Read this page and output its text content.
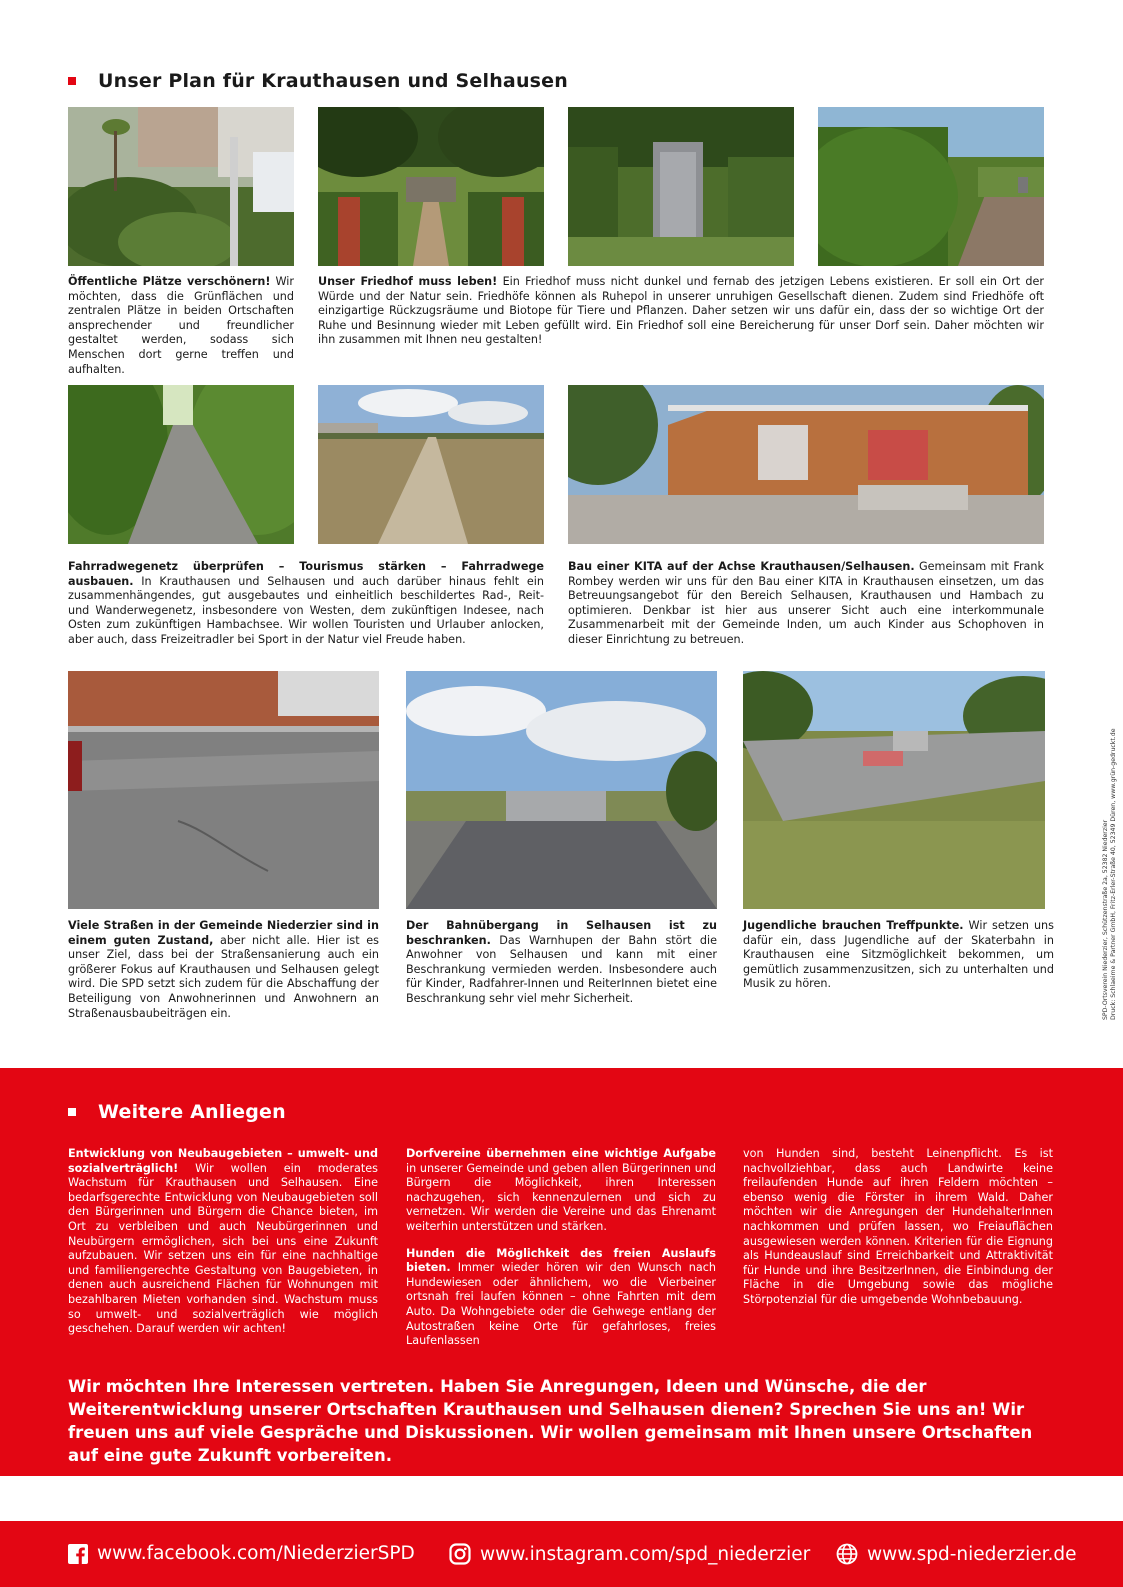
Unser Plan für Krauthausen und Selhausen
Öffentliche Plätze verschönern! Wir möchten, dass die Grünflächen und zentralen Plätze in beiden Ortschaften ansprechender und freundlicher gestaltet werden, sodass sich Menschen dort gerne treffen und aufhalten.
Unser Friedhof muss leben! Ein Friedhof muss nicht dunkel und fernab des jetzigen Lebens existieren. Er soll ein Ort der Würde und der Natur sein. Friedhöfe können als Ruhepol in unserer unruhigen Gesellschaft dienen. Zudem sind Friedhöfe oft einzigartige Rückzugsräume und Biotope für Tiere und Pflanzen. Daher setzen wir uns dafür ein, dass der so wichtige Ort der Ruhe und Besinnung wieder mit Leben gefüllt wird. Ein Friedhof soll eine Bereicherung für unser Dorf sein. Daher möchten wir ihn zusammen mit Ihnen neu gestalten!
Fahrradwegenetz überprüfen – Tourismus stärken – Fahrradwege ausbauen. In Krauthausen und Selhausen und auch darüber hinaus fehlt ein zusammenhängendes, gut ausgebautes und einheitlich beschildertes Rad-, Reit- und Wanderwegenetz, insbesondere von Westen, dem zukünftigen Indesee, nach Osten zum zukünftigen Hambachsee. Wir wollen Touristen und Urlauber anlocken, aber auch, dass Freizeitradler bei Sport in der Natur viel Freude haben.
Bau einer KITA auf der Achse Krauthausen/Selhausen. Gemeinsam mit Frank Rombey werden wir uns für den Bau einer KITA in Krauthausen einsetzen, um das Betreuungsangebot für den Bereich Selhausen, Krauthausen und Hambach zu optimieren. Denkbar ist hier aus unserer Sicht auch eine interkommunale Zusammenarbeit mit der Gemeinde Inden, um auch Kinder aus Schophoven in dieser Einrichtung zu betreuen.
Viele Straßen in der Gemeinde Niederzier sind in einem guten Zustand, aber nicht alle. Hier ist es unser Ziel, dass bei der Straßensanierung auch ein größerer Fokus auf Krauthausen und Selhausen gelegt wird. Die SPD setzt sich zudem für die Abschaffung der Beteiligung von Anwohnerinnen und Anwohnern an Straßenausbaubeiträgen ein.
Der Bahnübergang in Selhausen ist zu beschranken. Das Warnhupen der Bahn stört die Anwohner von Selhausen und kann mit einer Beschrankung vermieden werden. Insbesondere auch für Kinder, Radfahrer-Innen und ReiterInnen bietet eine Beschrankung sehr viel mehr Sicherheit.
Jugendliche brauchen Treffpunkte. Wir setzen uns dafür ein, dass Jugendliche auf der Skaterbahn in Krauthausen eine Sitzmöglichkeit bekommen, um gemütlich zusammenzusitzen, sich zu unterhalten und Musik zu hören.	SPD-Ortsverein Niederzier, Schützenstraße 2a, 52382 Niederzier Druck: Schlaeime & Partner GmbH, Fritz-Erler-Straße 40, 52349 Düren, www.grün-gedruckt.de
Weitere Anliegen

Entwicklung von Neubaugebieten – umwelt- und sozialverträglich! Wir wollen ein moderates Wachstum für Krauthausen und Selhausen. Eine bedarfsgerechte Entwicklung von Neubaugebieten soll den Bürgerinnen und Bürgern die Chance bieten, im Ort zu verbleiben und auch Neubürgerinnen und Neubürgern ermöglichen, sich bei uns eine Zukunft aufzubauen. Wir setzen uns ein für eine nachhaltige und familiengerechte Gestaltung von Baugebieten, in denen auch ausreichend Flächen für Wohnungen mit bezahlbaren Mieten vorhanden sind. Wachstum muss so umwelt- und sozialverträglich wie möglich geschehen. Darauf werden wir achten!

Dorfvereine übernehmen eine wichtige Aufgabe in unserer Gemeinde und geben allen Bürgerinnen und Bürgern die Möglichkeit, ihren Interessen nachzugehen, sich kennenzulernen und sich zu vernetzen. Wir werden die Vereine und das Ehrenamt weiterhin unterstützen und stärken.

Hunden die Möglichkeit des freien Auslaufs bieten. Immer wieder hören wir den Wunsch nach Hundewiesen oder ähnlichem, wo die Vierbeiner ortsnah frei laufen können – ohne Fahrten mit dem Auto. Da Wohngebiete oder die Gehwege entlang der Autostraßen keine Orte für gefahrloses, freies Laufenlassen

von Hunden sind, besteht Leinenpflicht. Es ist nachvollziehbar, dass auch Landwirte keine freilaufenden Hunde auf ihren Feldern möchten – ebenso wenig die Förster in ihrem Wald. Daher möchten wir die Anregungen der HundehalterInnen nachkommen und prüfen lassen, wo Freiauflächen ausgewiesen werden können. Kriterien für die Eignung als Hundeauslauf sind Erreichbarkeit und Attraktivität für Hunde und ihre BesitzerInnen, die Einbindung der Fläche in die Umgebung sowie das mögliche Störpotenzial für die umgebende Wohnbebauung.

Wir möchten Ihre Interessen vertreten. Haben Sie Anregungen, Ideen und Wünsche, die der Weiterentwicklung unserer Ortschaften Krauthausen und Selhausen dienen? Sprechen Sie uns an! Wir freuen uns auf viele Gespräche und Diskussionen. Wir wollen gemeinsam mit Ihnen unsere Ortschaften auf eine gute Zukunft vorbereiten.
www.facebook.com/NiederzierSPD	www.instagram.com/spd_niederzier	www.spd-niederzier.de
